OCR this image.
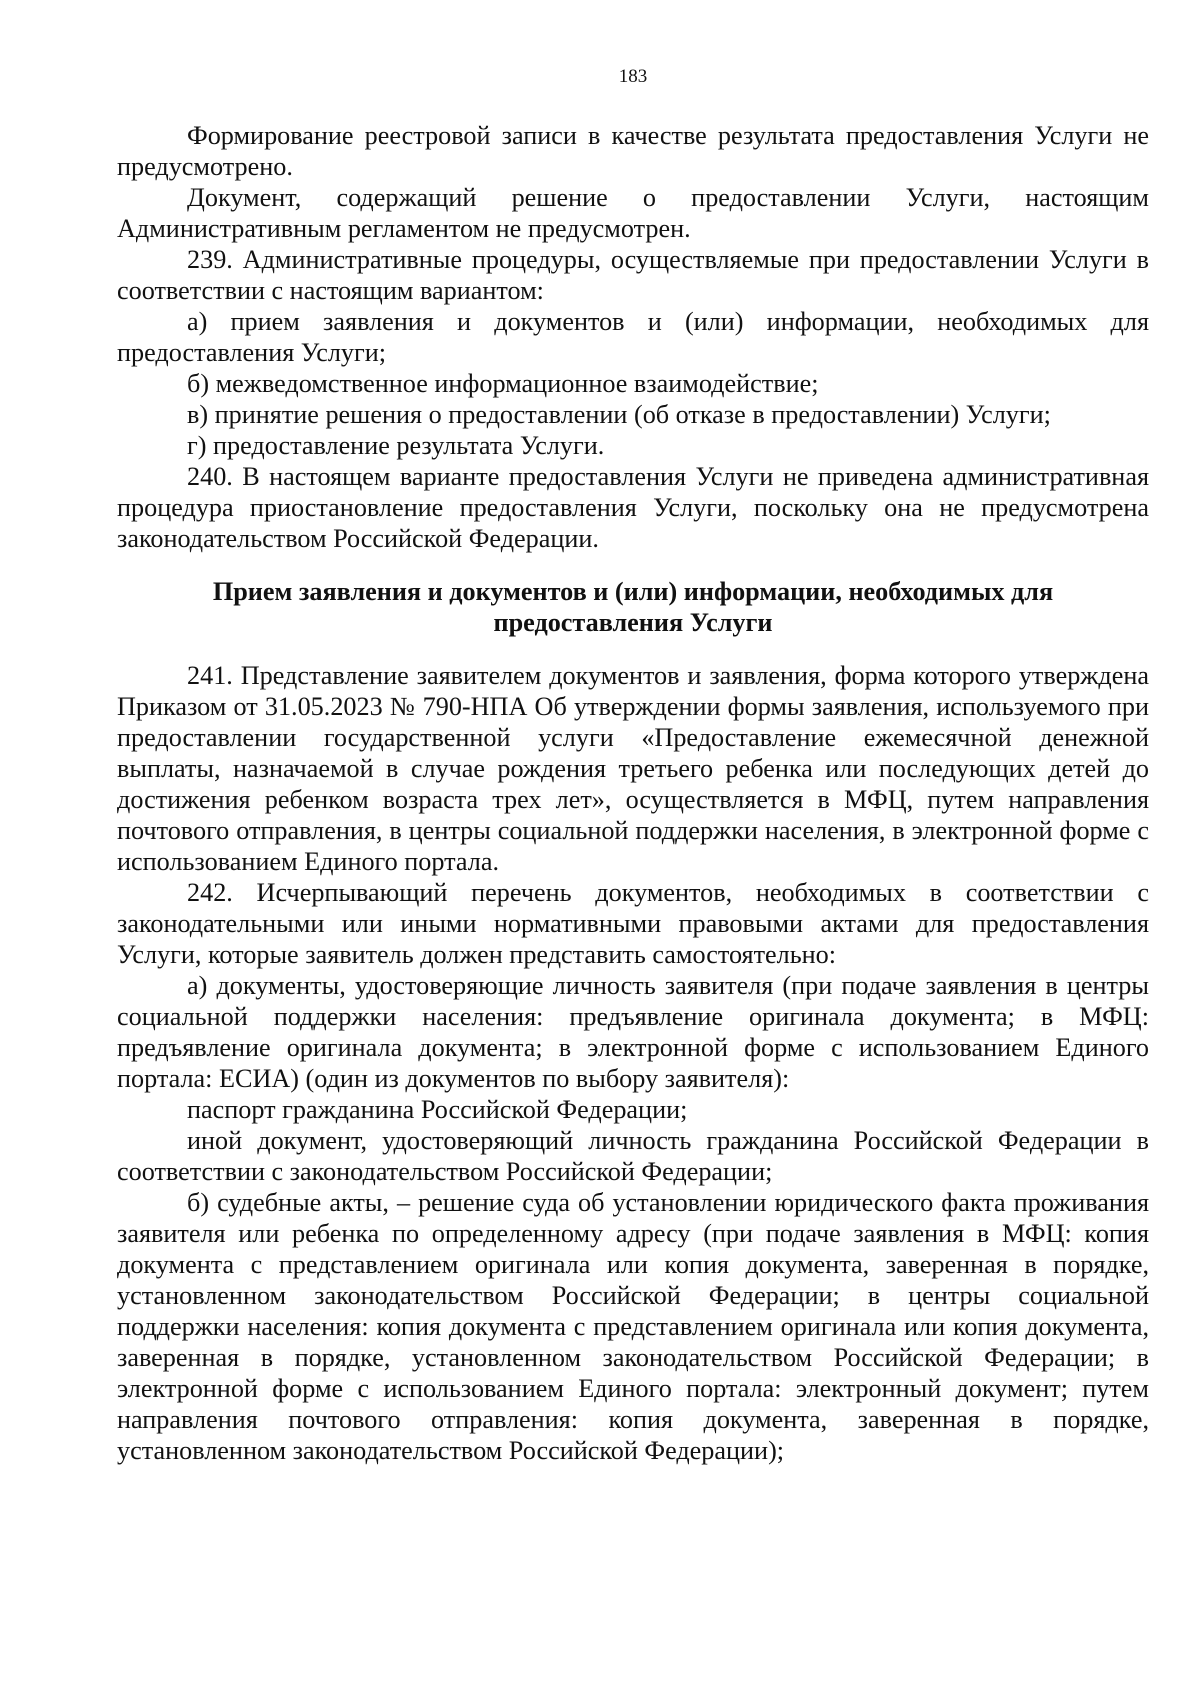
183

Формирование реестровой записи в качестве результата предоставления Услуги не предусмотрено.

Документ, содержащий решение о предоставлении Услуги, настоящим Административным регламентом не предусмотрен.

239. Административные процедуры, осуществляемые при предоставлении Услуги в соответствии с настоящим вариантом:

а) прием заявления и документов и (или) информации, необходимых для предоставления Услуги;

б) межведомственное информационное взаимодействие;

в) принятие решения о предоставлении (об отказе в предоставлении) Услуги;

г) предоставление результата Услуги.

240. В настоящем варианте предоставления Услуги не приведена административная процедура приостановление предоставления Услуги, поскольку она не предусмотрена законодательством Российской Федерации.

Прием заявления и документов и (или) информации, необходимых для предоставления Услуги

241. Представление заявителем документов и заявления, форма которого утверждена Приказом от 31.05.2023 № 790-НПА Об утверждении формы заявления, используемого при предоставлении государственной услуги «Предоставление ежемесячной денежной выплаты, назначаемой в случае рождения третьего ребенка или последующих детей до достижения ребенком возраста трех лет», осуществляется в МФЦ, путем направления почтового отправления, в центры социальной поддержки населения, в электронной форме с использованием Единого портала.

242. Исчерпывающий перечень документов, необходимых в соответствии с законодательными или иными нормативными правовыми актами для предоставления Услуги, которые заявитель должен представить самостоятельно:

а) документы, удостоверяющие личность заявителя (при подаче заявления в центры социальной поддержки населения: предъявление оригинала документа; в МФЦ: предъявление оригинала документа; в электронной форме с использованием Единого портала: ЕСИА) (один из документов по выбору заявителя):

паспорт гражданина Российской Федерации;

иной документ, удостоверяющий личность гражданина Российской Федерации в соответствии с законодательством Российской Федерации;

б) судебные акты, – решение суда об установлении юридического факта проживания заявителя или ребенка по определенному адресу (при подаче заявления в МФЦ: копия документа с представлением оригинала или копия документа, заверенная в порядке, установленном законодательством Российской Федерации; в центры социальной поддержки населения: копия документа с представлением оригинала или копия документа, заверенная в порядке, установленном законодательством Российской Федерации; в электронной форме с использованием Единого портала: электронный документ; путем направления почтового отправления: копия документа, заверенная в порядке, установленном законодательством Российской Федерации);
